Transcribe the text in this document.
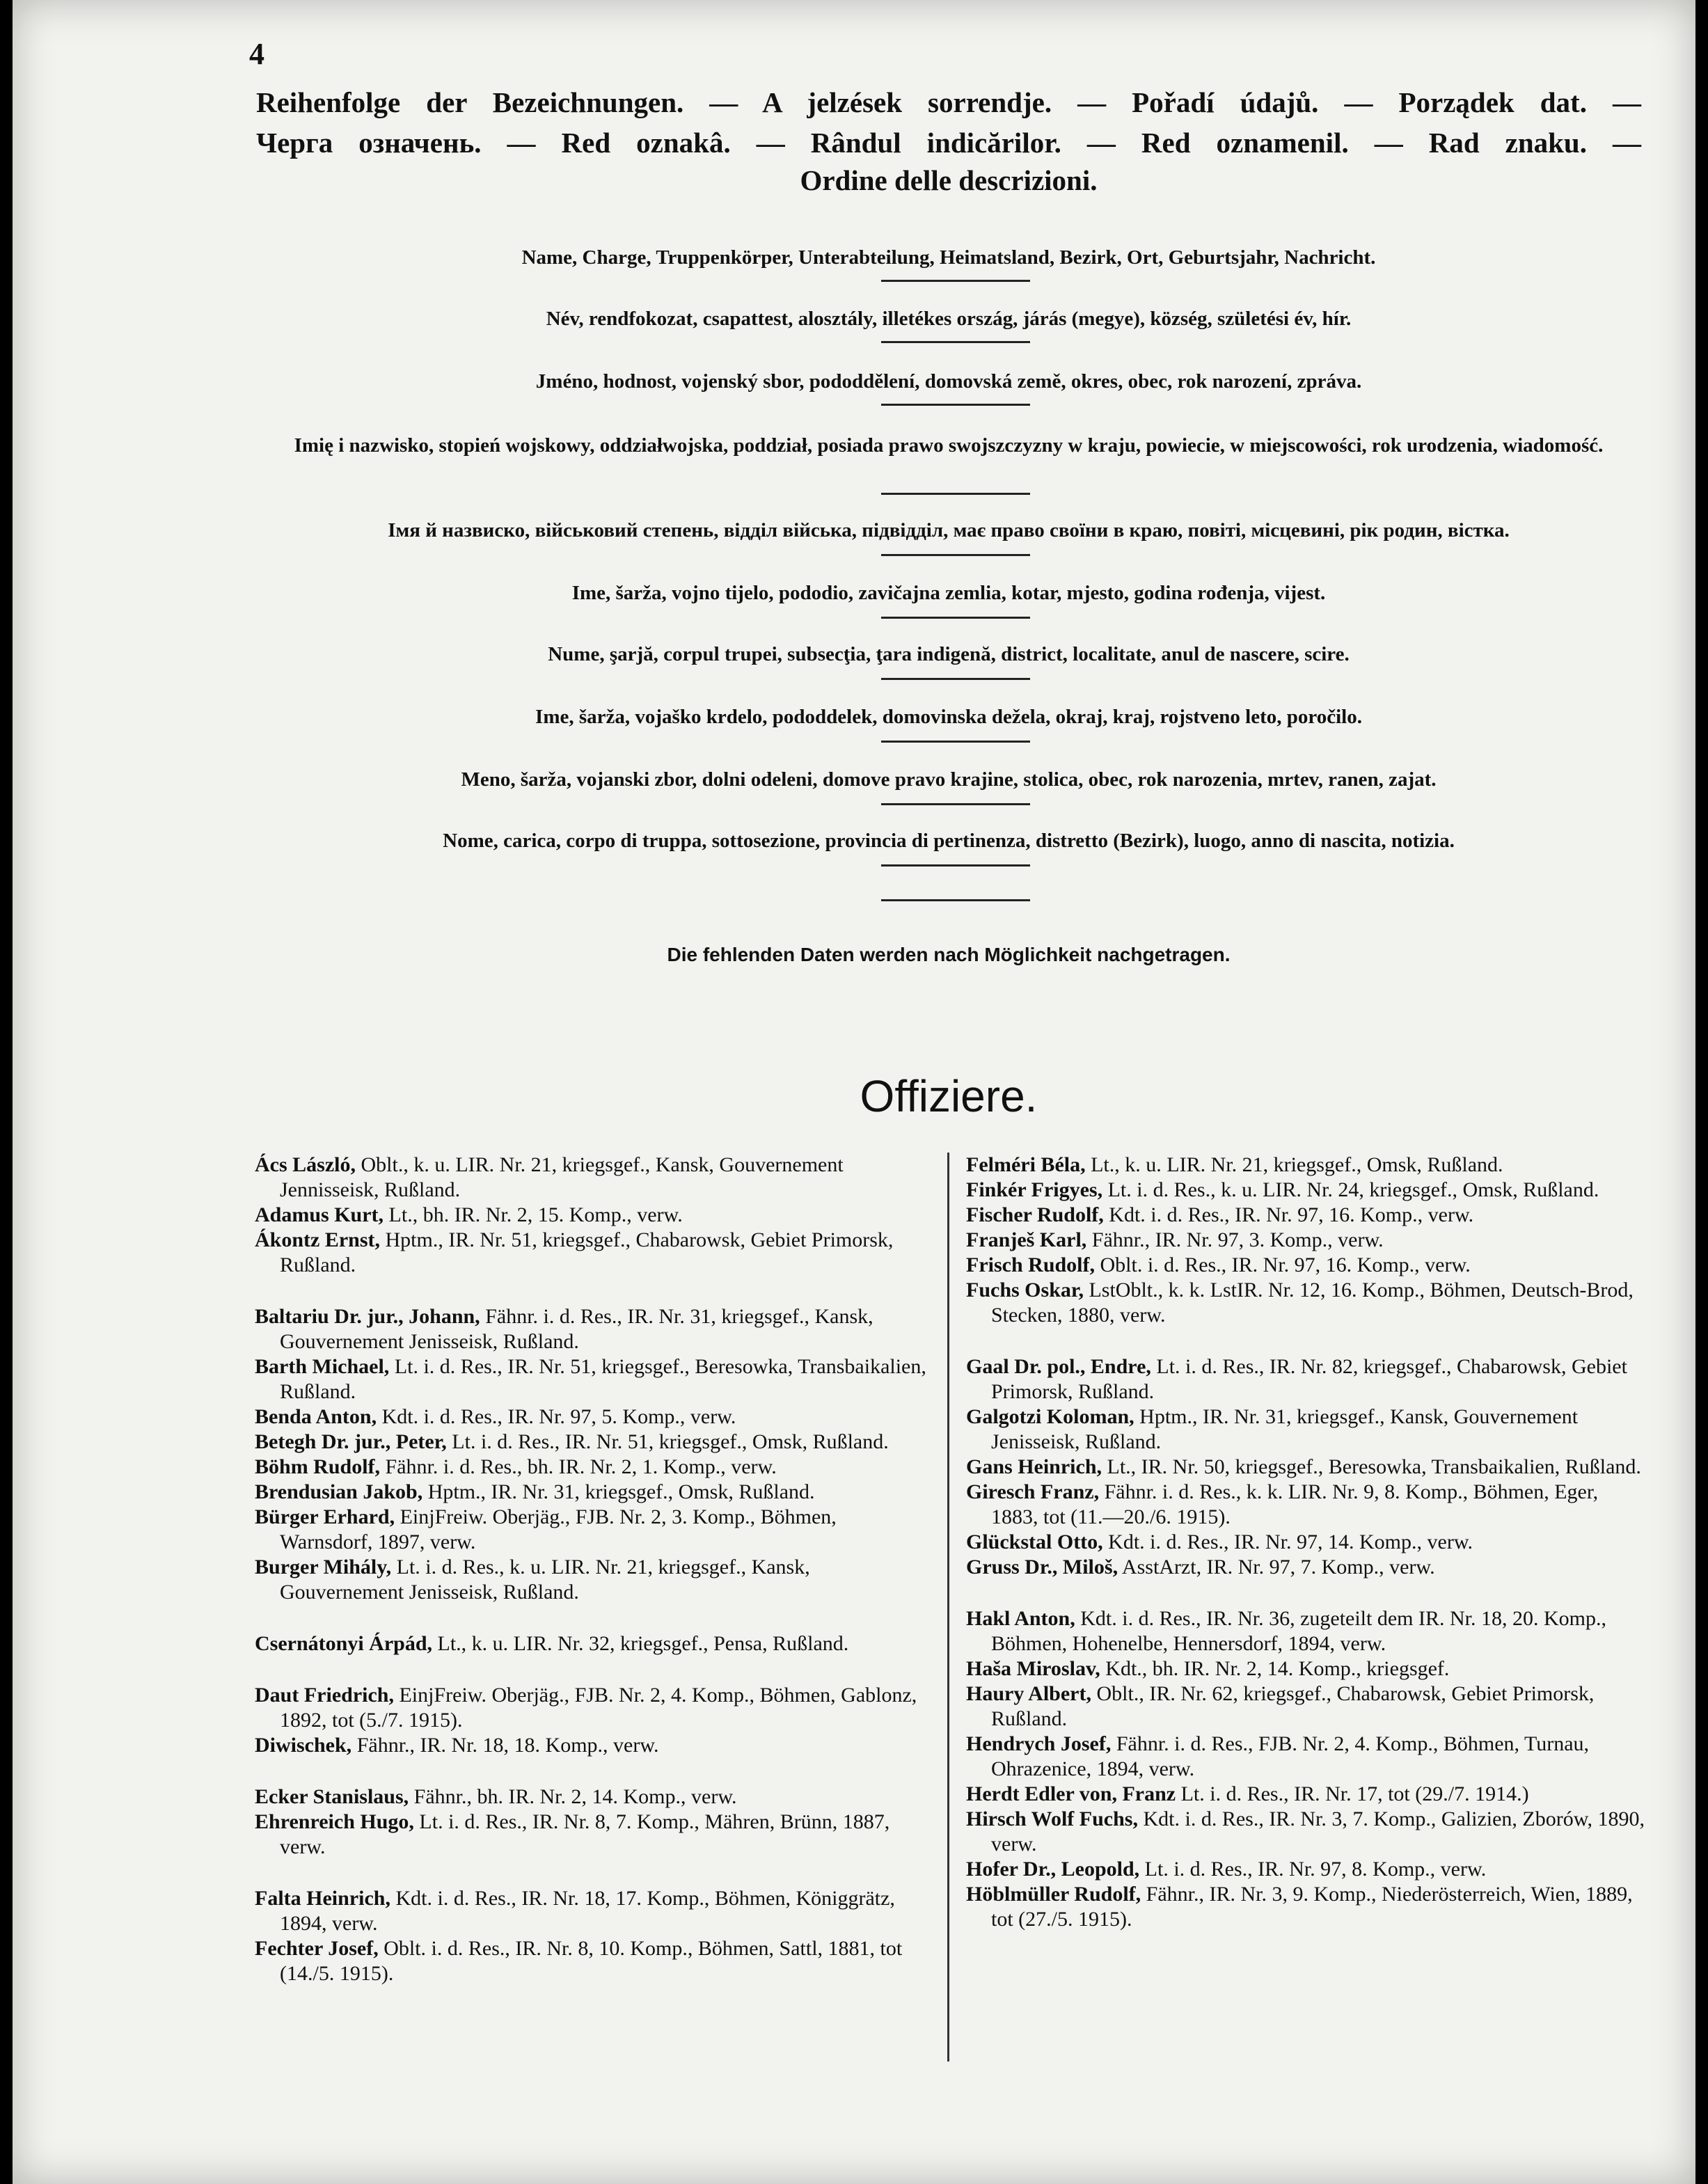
4
Reihenfolge der Bezeichnungen. — A jelzések sorrendje. — Pořadí údajů. — Porządek dat. —
Черга означень. — Red oznakâ. — Rândul indicărilor. — Red oznamenil. — Rad znaku. —
Ordine delle descrizioni.
Name, Charge, Truppenkörper, Unterabteilung, Heimatsland, Bezirk, Ort, Geburtsjahr, Nachricht.
Név, rendfokozat, csapattest, alosztály, illetékes ország, járás (megye), község, születési év, hír.
Jméno, hodnost, vojenský sbor, pododdělení, domovská země, okres, obec, rok narození, zpráva.
Imię i nazwisko, stopień wojskowy, oddziałwojska, poddział, posiada prawo swojszczyzny w kraju, powiecie, w miejscowości, rok urodzenia, wiadomość.
Імя й назвиско, військовий степень, відділ війська, підвідділ, має право своїни в краю, повіті, місцевині, рік родин, вістка.
Ime, šarža, vojno tijelo, pododio, zavičajna zemlia, kotar, mjesto, godina rođenja, vijest.
Nume, şarjă, corpul trupei, subsecţia, ţara indigenă, district, localitate, anul de nascere, scire.
Ime, šarža, vojaško krdelo, pododdelek, domovinska dežela, okraj, kraj, rojstveno leto, poročilo.
Meno, šarža, vojanski zbor, dolni odeleni, domove pravo krajine, stolica, obec, rok narozenia, mrtev, ranen, zajat.
Nome, carica, corpo di truppa, sottosezione, provincia di pertinenza, distretto (Bezirk), luogo, anno di nascita, notizia.
Die fehlenden Daten werden nach Möglichkeit nachgetragen.
Offiziere.

Ács László, Oblt., k. u. LIR. Nr. 21, kriegsgef., Kansk, Gouvernement Jennisseisk, Rußland.

Adamus Kurt, Lt., bh. IR. Nr. 2, 15. Komp., verw.

Ákontz Ernst, Hptm., IR. Nr. 51, kriegsgef., Chabarowsk, Gebiet Primorsk, Rußland.

Baltariu Dr. jur., Johann, Fähnr. i. d. Res., IR. Nr. 31, kriegsgef., Kansk, Gouvernement Jenisseisk, Rußland.

Barth Michael, Lt. i. d. Res., IR. Nr. 51, kriegsgef., Beresowka, Transbaikalien, Rußland.

Benda Anton, Kdt. i. d. Res., IR. Nr. 97, 5. Komp., verw.

Betegh Dr. jur., Peter, Lt. i. d. Res., IR. Nr. 51, kriegsgef., Omsk, Rußland.

Böhm Rudolf, Fähnr. i. d. Res., bh. IR. Nr. 2, 1. Komp., verw.

Brendusian Jakob, Hptm., IR. Nr. 31, kriegsgef., Omsk, Rußland.

Bürger Erhard, EinjFreiw. Oberjäg., FJB. Nr. 2, 3. Komp., Böhmen, Warnsdorf, 1897, verw.

Burger Mihály, Lt. i. d. Res., k. u. LIR. Nr. 21, kriegsgef., Kansk, Gouvernement Jenisseisk, Rußland.

Csernátonyi Árpád, Lt., k. u. LIR. Nr. 32, kriegsgef., Pensa, Rußland.

Daut Friedrich, EinjFreiw. Oberjäg., FJB. Nr. 2, 4. Komp., Böhmen, Gablonz, 1892, tot (5./7. 1915).

Diwischek, Fähnr., IR. Nr. 18, 18. Komp., verw.

Ecker Stanislaus, Fähnr., bh. IR. Nr. 2, 14. Komp., verw.

Ehrenreich Hugo, Lt. i. d. Res., IR. Nr. 8, 7. Komp., Mähren, Brünn, 1887, verw.

Falta Heinrich, Kdt. i. d. Res., IR. Nr. 18, 17. Komp., Böhmen, Königgrätz, 1894, verw.

Fechter Josef, Oblt. i. d. Res., IR. Nr. 8, 10. Komp., Böhmen, Sattl, 1881, tot (14./5. 1915).

Felméri Béla, Lt., k. u. LIR. Nr. 21, kriegsgef., Omsk, Rußland.

Finkér Frigyes, Lt. i. d. Res., k. u. LIR. Nr. 24, kriegsgef., Omsk, Rußland.

Fischer Rudolf, Kdt. i. d. Res., IR. Nr. 97, 16. Komp., verw.

Franješ Karl, Fähnr., IR. Nr. 97, 3. Komp., verw.

Frisch Rudolf, Oblt. i. d. Res., IR. Nr. 97, 16. Komp., verw.

Fuchs Oskar, LstOblt., k. k. LstIR. Nr. 12, 16. Komp., Böhmen, Deutsch-Brod, Stecken, 1880, verw.

Gaal Dr. pol., Endre, Lt. i. d. Res., IR. Nr. 82, kriegsgef., Chabarowsk, Gebiet Primorsk, Rußland.

Galgotzi Koloman, Hptm., IR. Nr. 31, kriegsgef., Kansk, Gouvernement Jenisseisk, Rußland.

Gans Heinrich, Lt., IR. Nr. 50, kriegsgef., Beresowka, Transbaikalien, Rußland.

Giresch Franz, Fähnr. i. d. Res., k. k. LIR. Nr. 9, 8. Komp., Böhmen, Eger, 1883, tot (11.—20./6. 1915).

Glückstal Otto, Kdt. i. d. Res., IR. Nr. 97, 14. Komp., verw.

Gruss Dr., Miloš, AsstArzt, IR. Nr. 97, 7. Komp., verw.

Hakl Anton, Kdt. i. d. Res., IR. Nr. 36, zugeteilt dem IR. Nr. 18, 20. Komp., Böhmen, Hohenelbe, Hennersdorf, 1894, verw.

Haša Miroslav, Kdt., bh. IR. Nr. 2, 14. Komp., kriegsgef.

Haury Albert, Oblt., IR. Nr. 62, kriegsgef., Chabarowsk, Gebiet Primorsk, Rußland.

Hendrych Josef, Fähnr. i. d. Res., FJB. Nr. 2, 4. Komp., Böhmen, Turnau, Ohrazenice, 1894, verw.

Herdt Edler von, Franz Lt. i. d. Res., IR. Nr. 17, tot (29./7. 1914.)

Hirsch Wolf Fuchs, Kdt. i. d. Res., IR. Nr. 3, 7. Komp., Galizien, Zborów, 1890, verw.

Hofer Dr., Leopold, Lt. i. d. Res., IR. Nr. 97, 8. Komp., verw.

Höblmüller Rudolf, Fähnr., IR. Nr. 3, 9. Komp., Niederösterreich, Wien, 1889, tot (27./5. 1915).
